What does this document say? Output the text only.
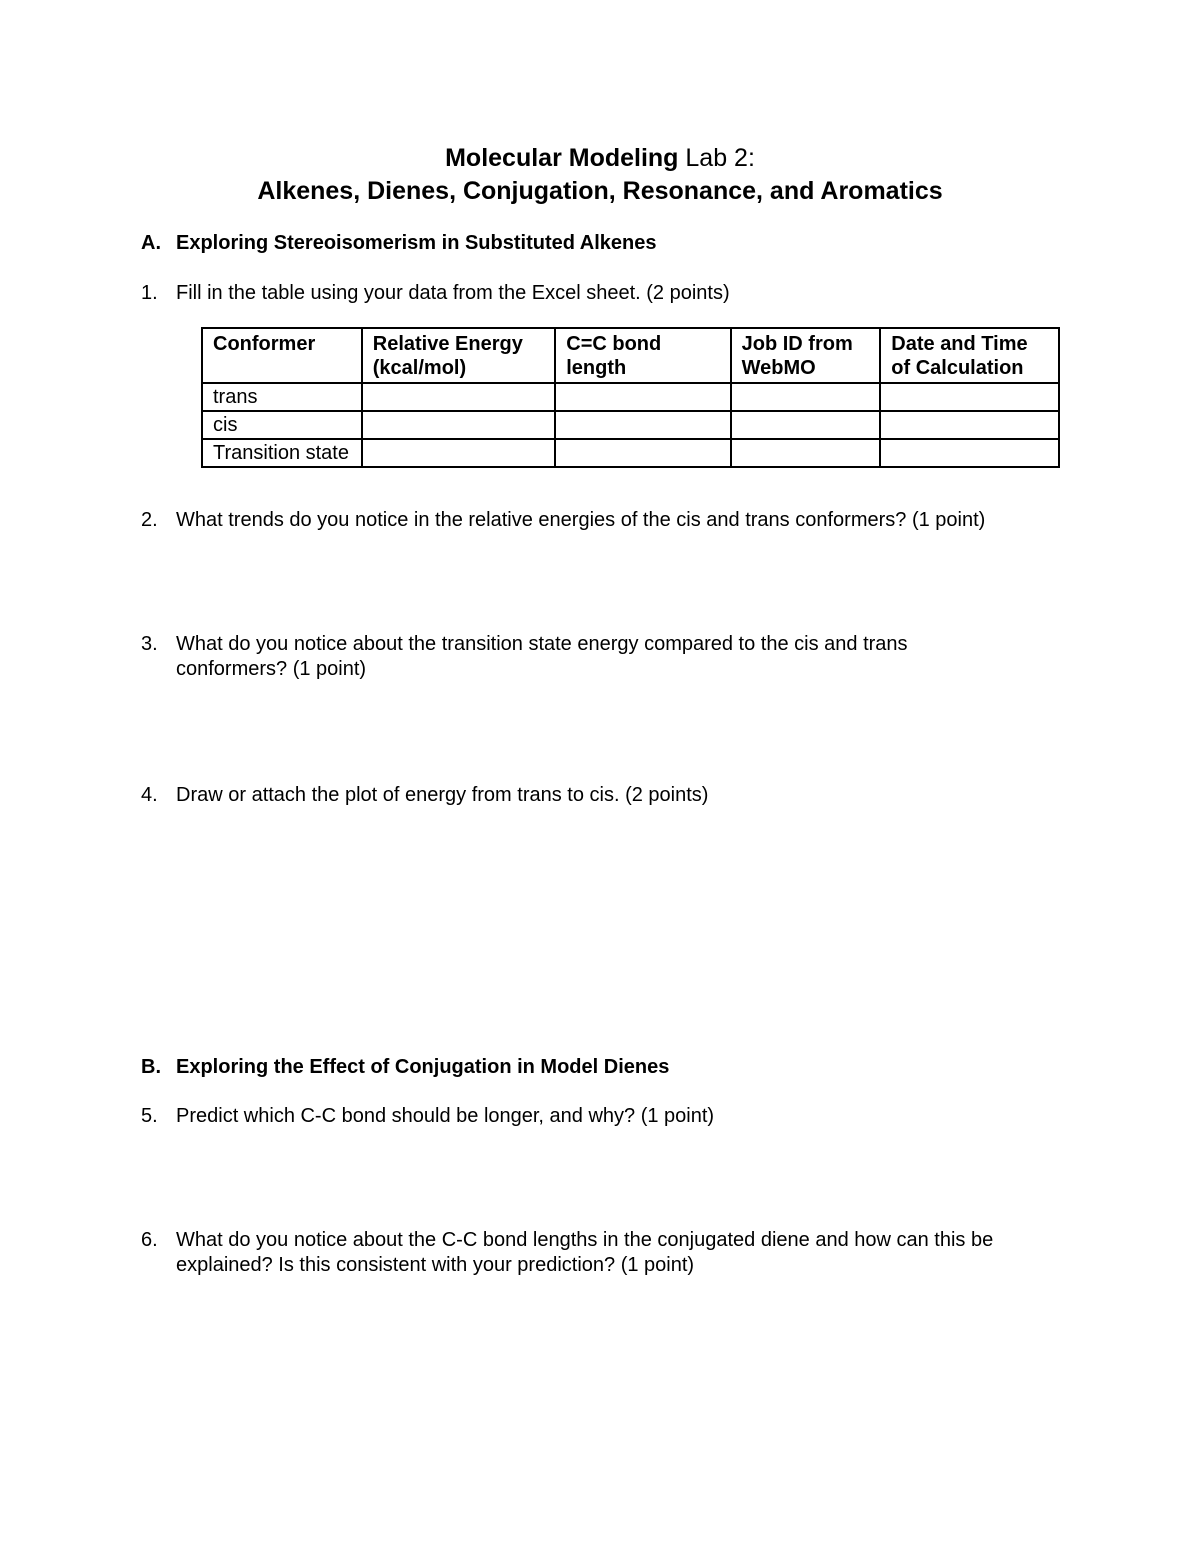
Molecular Modeling Lab 2:
Alkenes, Dienes, Conjugation, Resonance, and Aromatics
A. Exploring Stereoisomerism in Substituted Alkenes
1. Fill in the table using your data from the Excel sheet. (2 points)
Conformer	Relative Energy (kcal/mol)	C=C bond length	Job ID from WebMO	Date and Time of Calculation
trans				
cis				
Transition state				
2. What trends do you notice in the relative energies of the cis and trans conformers? (1 point)
3. What do you notice about the transition state energy compared to the cis and trans conformers? (1 point)
4. Draw or attach the plot of energy from trans to cis. (2 points)
B. Exploring the Effect of Conjugation in Model Dienes
5. Predict which C-C bond should be longer, and why? (1 point)
6. What do you notice about the C-C bond lengths in the conjugated diene and how can this be explained? Is this consistent with your prediction? (1 point)
